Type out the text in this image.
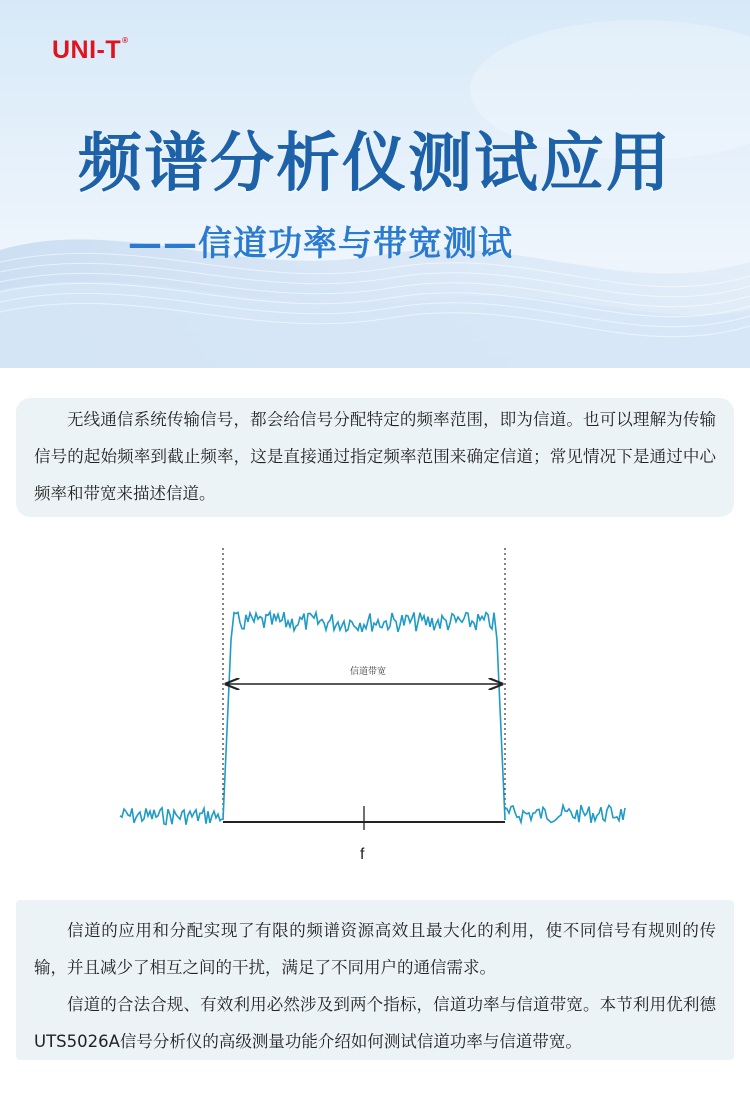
UNI-T®
频谱分析仪测试应用
——信道功率与带宽测试

无线通信系统传输信号，都会给信号分配特定的频率范围，即为信道。也可以理解为传输信号的起始频率到截止频率，这是直接通过指定频率范围来确定信道；常见情况下是通过中心频率和带宽来描述信道。

信道带宽
f

信道的应用和分配实现了有限的频谱资源高效且最大化的利用，使不同信号有规则的传输，并且减少了相互之间的干扰，满足了不同用户的通信需求。

信道的合法合规、有效利用必然涉及到两个指标，信道功率与信道带宽。本节利用优利德UTS5026A信号分析仪的高级测量功能介绍如何测试信道功率与信道带宽。
